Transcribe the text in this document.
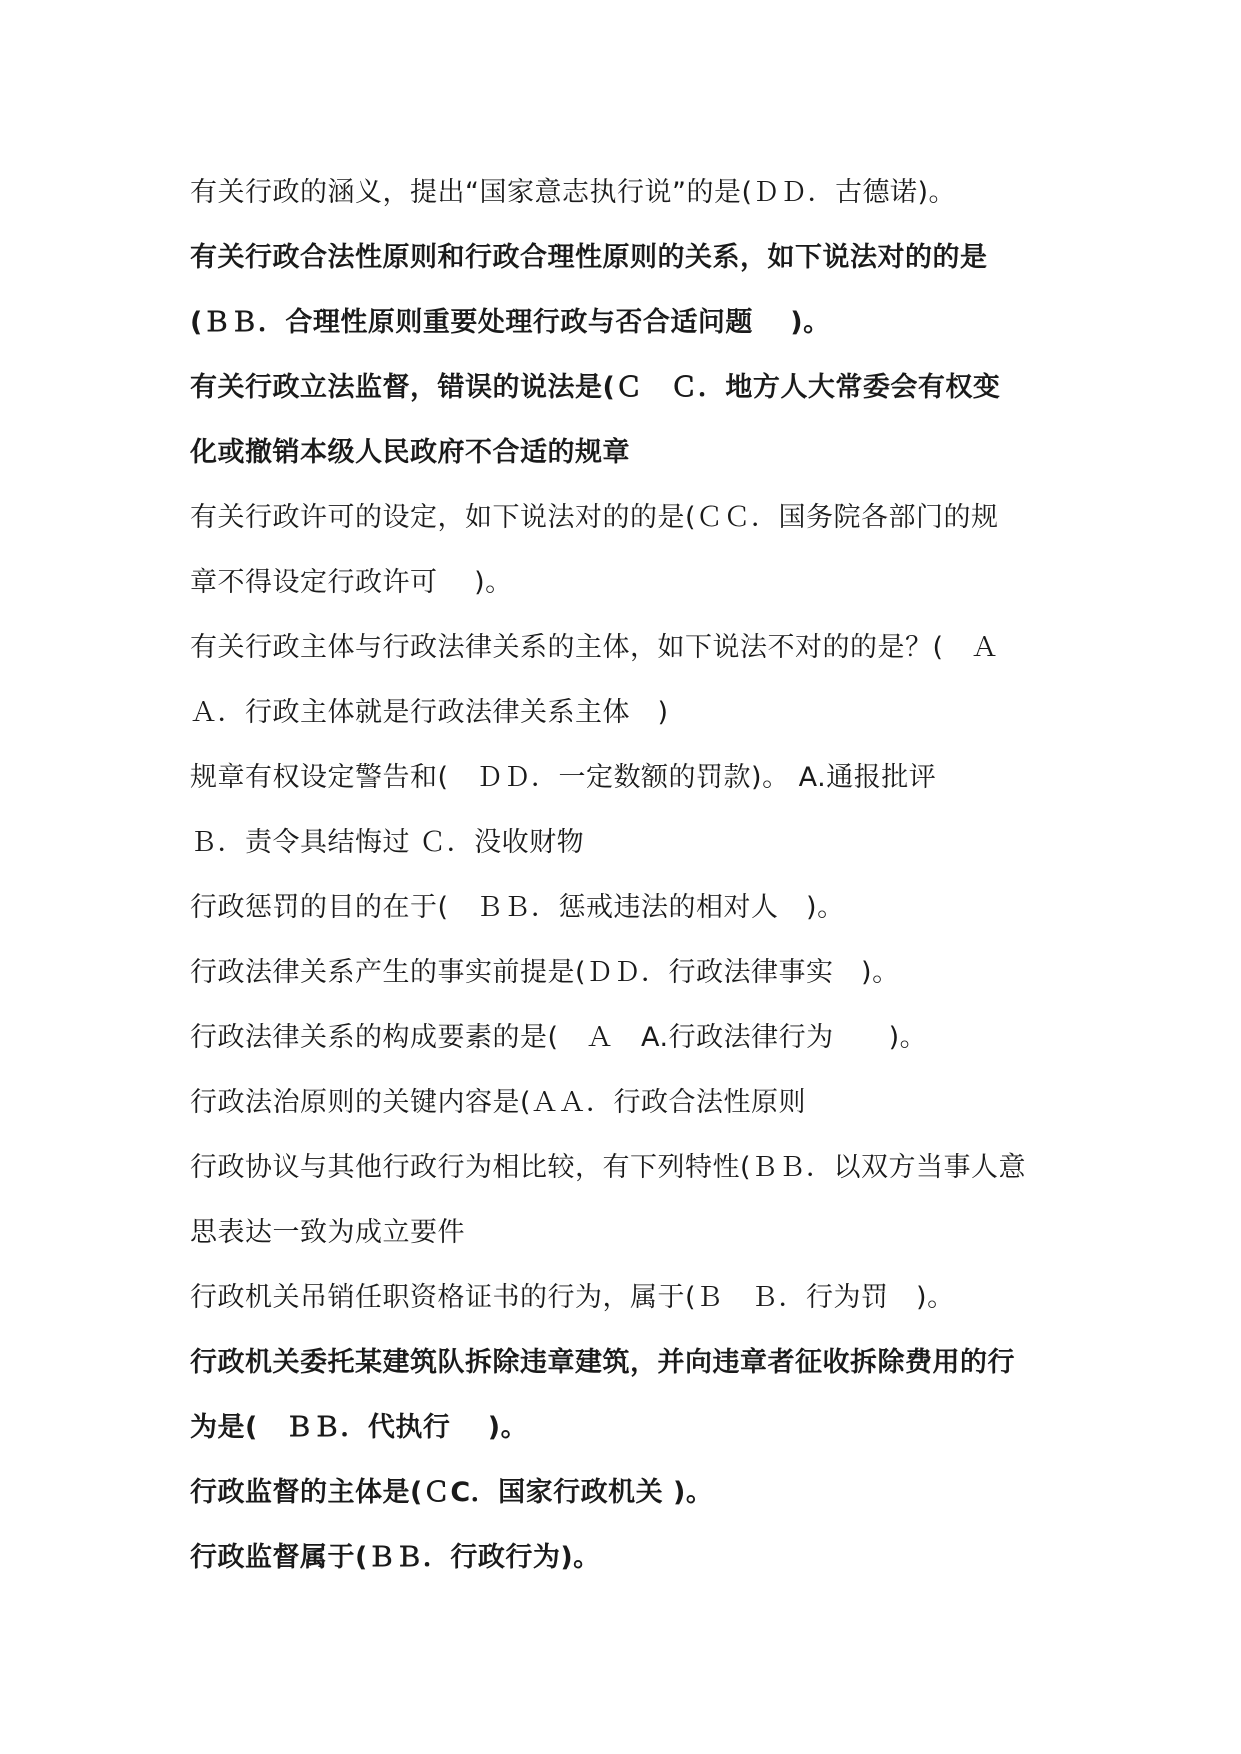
有关行政的涵义，提出“国家意志执行说”的是(ＤＤ．古德诺)。
有关行政合法性原则和行政合理性原则的关系，如下说法对的的是
(ＢＢ．合理性原则重要处理行政与否合适问题　 )。
有关行政立法监督，错误的说法是(Ｃ　Ｃ．地方人大常委会有权变
化或撤销本级人民政府不合适的规章
有关行政许可的设定，如下说法对的的是(ＣＣ．国务院各部门的规
章不得设定行政许可　 )。
有关行政主体与行政法律关系的主体，如下说法不对的的是？(　Ａ
Ａ．行政主体就是行政法律关系主体　)
规章有权设定警告和(　ＤＤ．一定数额的罚款)。 A.通报批评
Ｂ．责令具结悔过 Ｃ．没收财物
行政惩罚的目的在于(　ＢＢ．惩戒违法的相对人　)。
行政法律关系产生的事实前提是(ＤＤ．行政法律事实　)。
行政法律关系的构成要素的是(　Ａ　A.行政法律行为　　)。
行政法治原则的关键内容是(ＡＡ．行政合法性原则
行政协议与其他行政行为相比较，有下列特性(ＢＢ．以双方当事人意
思表达一致为成立要件
行政机关吊销任职资格证书的行为，属于(Ｂ　Ｂ．行为罚　)。
行政机关委托某建筑队拆除违章建筑，并向违章者征收拆除费用的行
为是(　ＢＢ．代执行　 )。
行政监督的主体是(ＣC．国家行政机关 )。
行政监督属于(ＢＢ．行政行为)。
